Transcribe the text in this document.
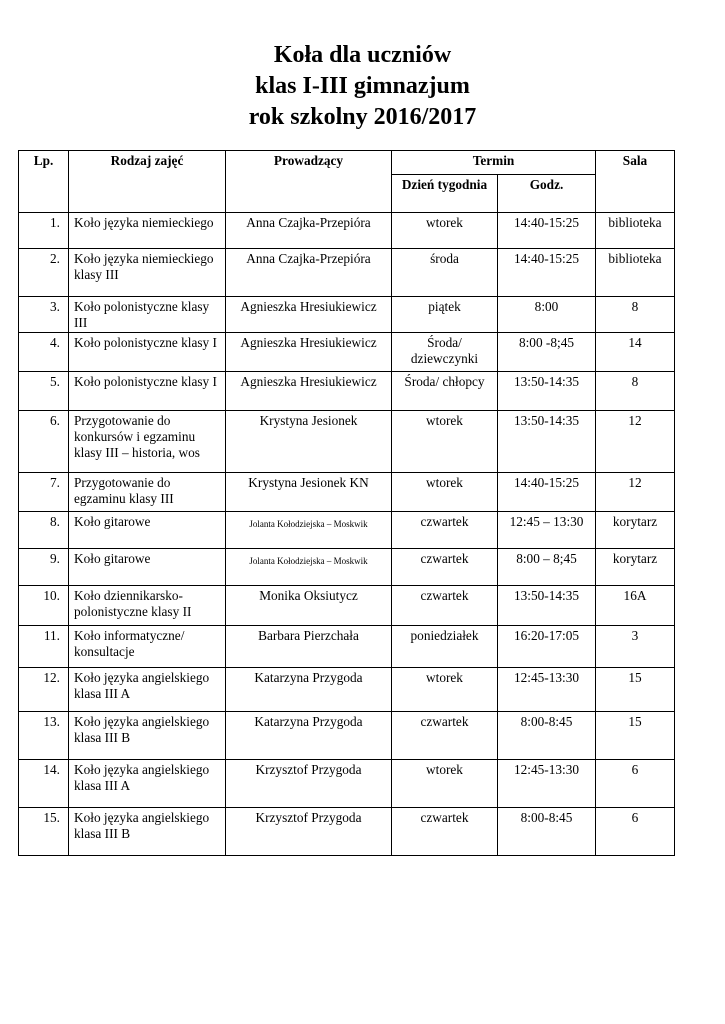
Koła dla uczniów
klas I-III gimnazjum
rok szkolny 2016/2017
Lp.	Rodzaj zajęć	Prowadzący	Termin		Sala
			Dzień tygodnia	Godz.	
1.	Koło języka niemieckiego	Anna Czajka-Przepióra	wtorek	14:40-15:25	biblioteka
2.	Koło języka niemieckiego klasy III	Anna Czajka-Przepióra	środa	14:40-15:25	biblioteka
3.	Koło polonistyczne klasy III	Agnieszka Hresiukiewicz	piątek	8:00	8
4.	Koło polonistyczne klasy I	Agnieszka Hresiukiewicz	Środa/ dziewczynki	8:00 -8;45	14
5.	Koło polonistyczne klasy I	Agnieszka Hresiukiewicz	Środa/ chłopcy	13:50-14:35	8
6.	Przygotowanie do konkursów i egzaminu klasy III – historia, wos	Krystyna Jesionek	wtorek	13:50-14:35	12
7.	Przygotowanie do egzaminu klasy III	Krystyna Jesionek KN	wtorek	14:40-15:25	12
8.	Koło gitarowe	Jolanta Kołodziejska – Moskwik	czwartek	12:45 – 13:30	korytarz
9.	Koło gitarowe	Jolanta Kołodziejska – Moskwik	czwartek	8:00 – 8;45	korytarz
10.	Koło dziennikarsko-polonistyczne klasy II	Monika Oksiutycz	czwartek	13:50-14:35	16A
11.	Koło informatyczne/ konsultacje	Barbara Pierzchała	poniedziałek	16:20-17:05	3
12.	Koło języka angielskiego klasa III A	Katarzyna Przygoda	wtorek	12:45-13:30	15
13.	Koło języka angielskiego klasa III B	Katarzyna Przygoda	czwartek	8:00-8:45	15
14.	Koło języka angielskiego klasa III A	Krzysztof Przygoda	wtorek	12:45-13:30	6
15.	Koło języka angielskiego klasa III B	Krzysztof Przygoda	czwartek	8:00-8:45	6
